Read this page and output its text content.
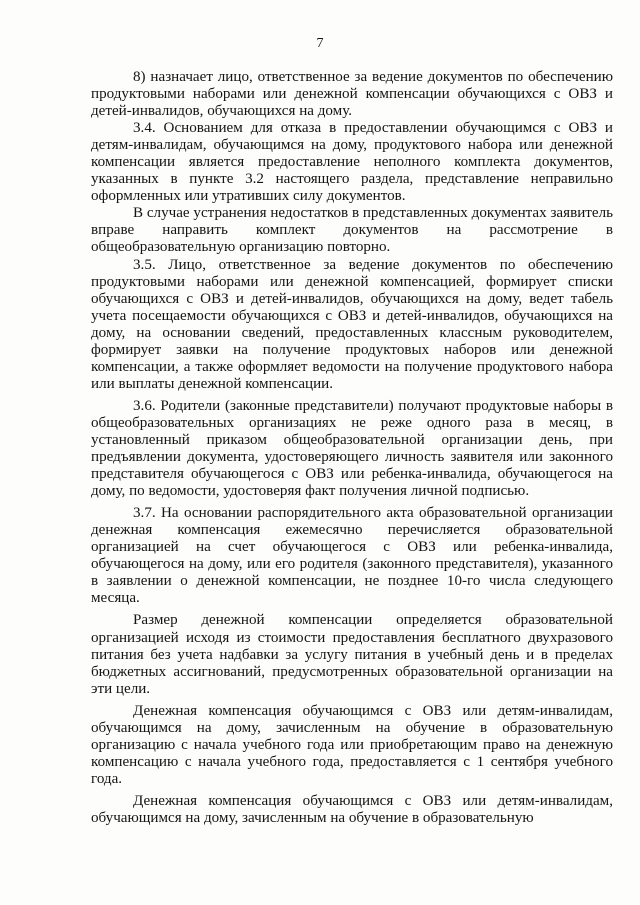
7

8) назначает лицо, ответственное за ведение документов по обеспечению продуктовыми наборами или денежной компенсации обучающихся с ОВЗ и детей-инвалидов, обучающихся на дому.

3.4. Основанием для отказа в предоставлении обучающимся с ОВЗ и детям-инвалидам, обучающимся на дому, продуктового набора или денежной компенсации является предоставление неполного комплекта документов, указанных в пункте 3.2 настоящего раздела, представление неправильно оформленных или утративших силу документов.

В случае устранения недостатков в представленных документах заявитель вправе направить комплект документов на рассмотрение в общеобразовательную организацию повторно.

3.5. Лицо, ответственное за ведение документов по обеспечению продуктовыми наборами или денежной компенсацией, формирует списки обучающихся с ОВЗ и детей-инвалидов, обучающихся на дому, ведет табель учета посещаемости обучающихся с ОВЗ и детей-инвалидов, обучающихся на дому, на основании сведений, предоставленных классным руководителем, формирует заявки на получение продуктовых наборов или денежной компенсации, а также оформляет ведомости на получение продуктового набора или выплаты денежной компенсации.

3.6. Родители (законные представители) получают продуктовые наборы в общеобразовательных организациях не реже одного раза в месяц, в установленный приказом общеобразовательной организации день, при предъявлении документа, удостоверяющего личность заявителя или законного представителя обучающегося с ОВЗ или ребенка-инвалида, обучающегося на дому, по ведомости, удостоверяя факт получения личной подписью.

3.7. На основании распорядительного акта образовательной организации денежная компенсация ежемесячно перечисляется образовательной организацией на счет обучающегося с ОВЗ или ребенка-инвалида, обучающегося на дому, или его родителя (законного представителя), указанного в заявлении о денежной компенсации, не позднее 10-го числа следующего месяца.

Размер денежной компенсации определяется образовательной организацией исходя из стоимости предоставления бесплатного двухразового питания без учета надбавки за услугу питания в учебный день и в пределах бюджетных ассигнований, предусмотренных образовательной организации на эти цели.

Денежная компенсация обучающимся с ОВЗ или детям-инвалидам, обучающимся на дому, зачисленным на обучение в образовательную организацию с начала учебного года или приобретающим право на денежную компенсацию с начала учебного года, предоставляется с 1 сентября учебного года.

Денежная компенсация обучающимся с ОВЗ или детям-инвалидам, обучающимся на дому, зачисленным на обучение в образовательную
